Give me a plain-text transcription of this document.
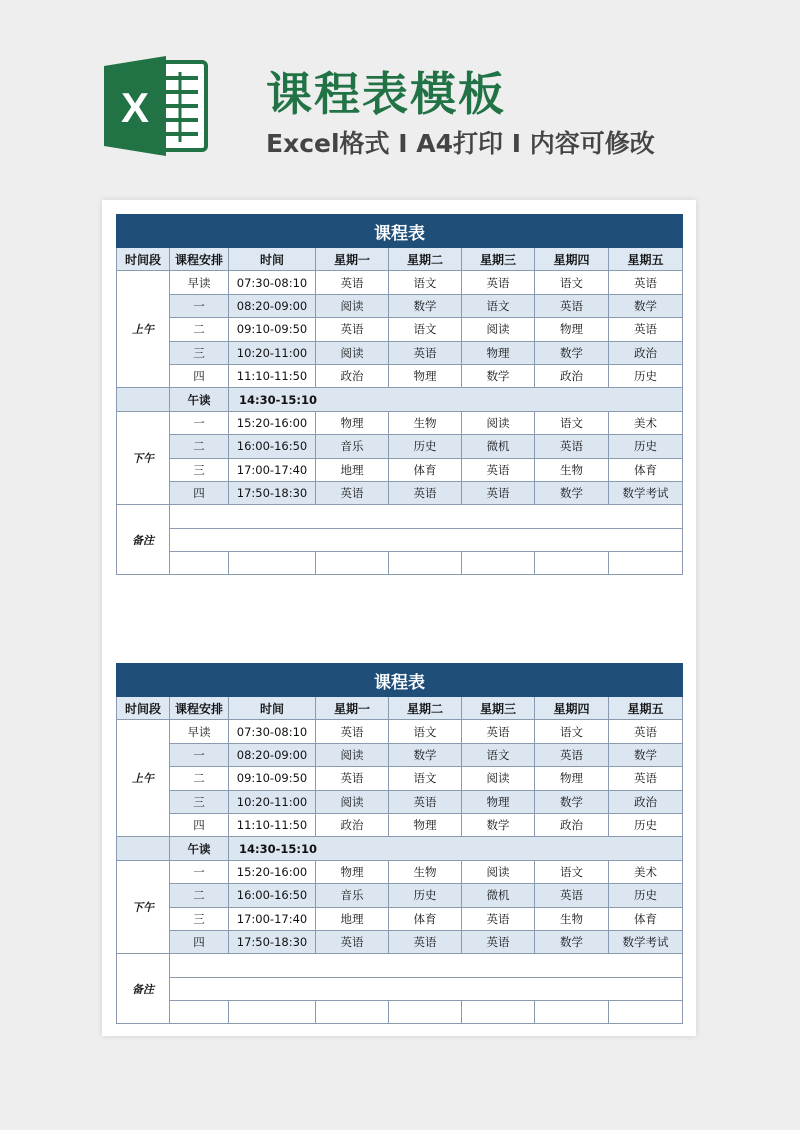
X	课程表模板
Excel格式 I A4打印 I 内容可修改
课程表							
时间段	课程安排	时间	星期一	星期二	星期三	星期四	星期五
上午	早读	07:30-08:10	英语	语文	英语	语文	英语
	一	08:20-09:00	阅读	数学	语文	英语	数学
	二	09:10-09:50	英语	语文	阅读	物理	英语
	三	10:20-11:00	阅读	英语	物理	数学	政治
	四	11:10-11:50	政治	物理	数学	政治	历史
	午读	14:30-15:10					
下午	一	15:20-16:00	物理	生物	阅读	语文	美术
	二	16:00-16:50	音乐	历史	微机	英语	历史
	三	17:00-17:40	地理	体育	英语	生物	体育
	四	17:50-18:30	英语	英语	英语	数学	数学考试
备注							

课程表							
时间段	课程安排	时间	星期一	星期二	星期三	星期四	星期五
上午	早读	07:30-08:10	英语	语文	英语	语文	英语
	一	08:20-09:00	阅读	数学	语文	英语	数学
	二	09:10-09:50	英语	语文	阅读	物理	英语
	三	10:20-11:00	阅读	英语	物理	数学	政治
	四	11:10-11:50	政治	物理	数学	政治	历史
	午读	14:30-15:10					
下午	一	15:20-16:00	物理	生物	阅读	语文	美术
	二	16:00-16:50	音乐	历史	微机	英语	历史
	三	17:00-17:40	地理	体育	英语	生物	体育
	四	17:50-18:30	英语	英语	英语	数学	数学考试
备注							
